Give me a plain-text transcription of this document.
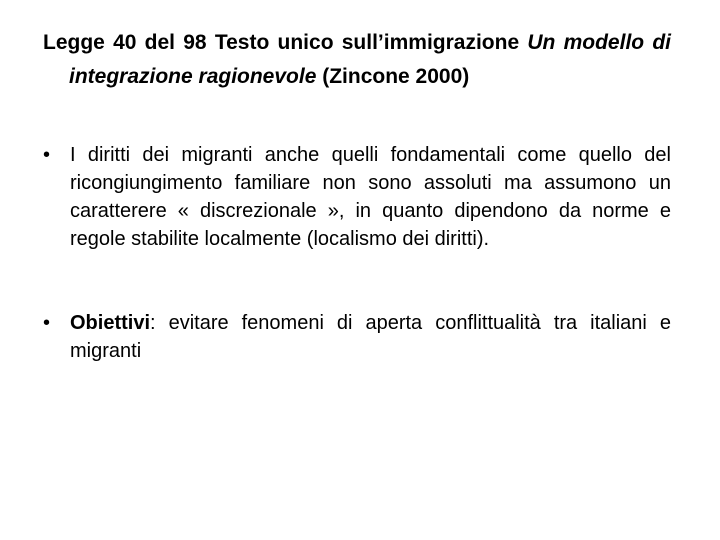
Legge 40 del 98 Testo unico sull’immigrazione Un modello di integrazione ragionevole (Zincone 2000)

• I diritti dei migranti anche quelli fondamentali come quello del ricongiungimento familiare non sono assoluti ma assumono un caratterere « discrezionale », in quanto dipendono da norme e regole stabilite localmente (localismo dei diritti).
• Obiettivi: evitare fenomeni di aperta conflittualità tra italiani e migranti
